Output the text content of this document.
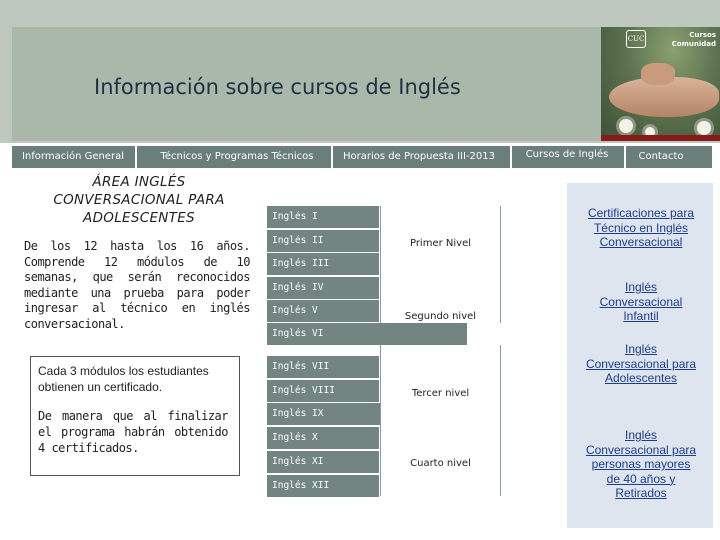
Información sobre cursos de Inglés
CUC	Cursos
Comunidad
Información General	Técnicos y Programas Técnicos	Horarios de Propuesta III-2013	Cursos de Inglés	Contacto
ÁREA INGLÉS
CONVERSACIONAL PARA
ADOLESCENTES
De los 12 hasta los 16 años. Comprende 12 módulos de 10 semanas, que serán reconocidos mediante una prueba para poder ingresar al técnico en inglés conversacional.
Cada 3 módulos los estudiantes obtienen un certificado.
De manera que al finalizar el programa habrán obtenido 4 certificados.
Inglés I
Inglés II
Inglés III
Inglés IV
Inglés V
Inglés VI
Inglés VII
Inglés VIII
Inglés IX
Inglés X
Inglés XI
Inglés XII
Primer Nivel
Segundo nivel
Tercer nivel
Cuarto nivel
Certificaciones para Técnico en Inglés Conversacional
Inglés Conversacional Infantil
Inglés Conversacional para Adolescentes
Inglés Conversacional para personas mayores de 40 años y Retirados
